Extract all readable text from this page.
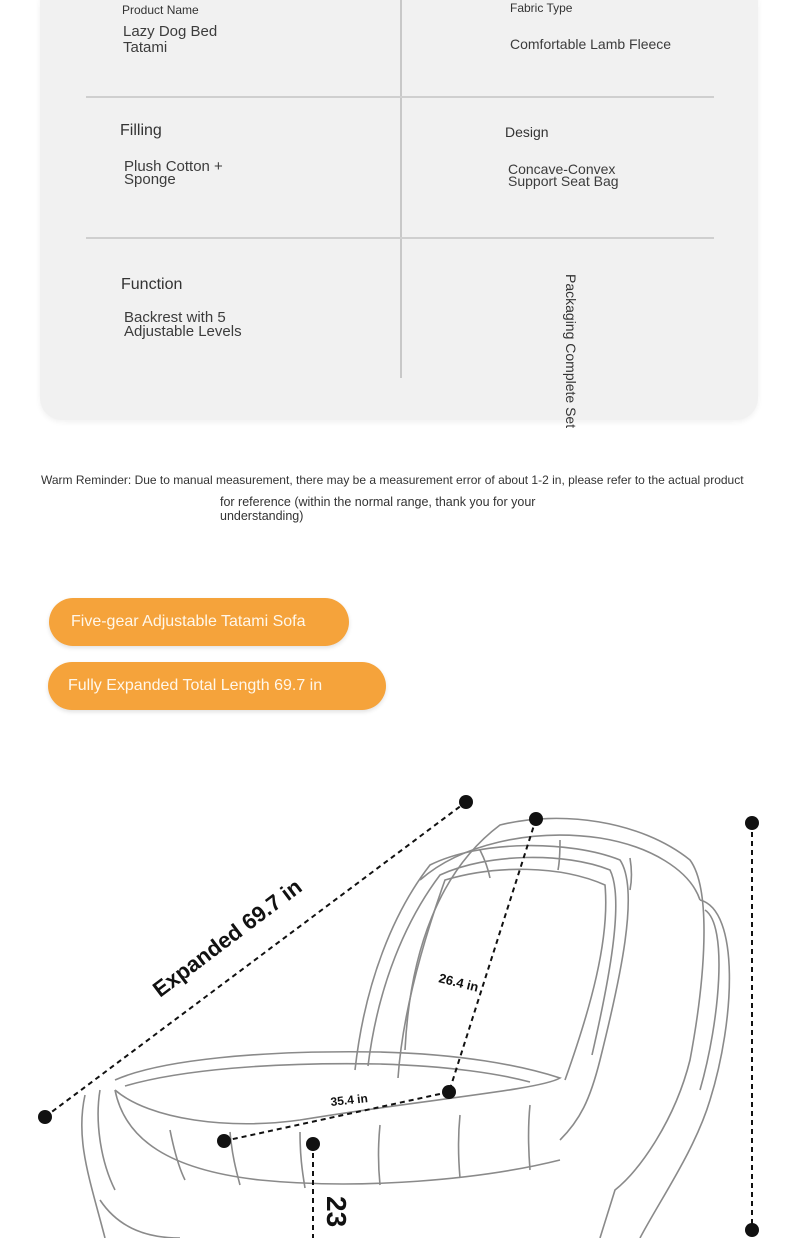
Product Name
Lazy Dog Bed
Tatami
Fabric Type
Comfortable Lamb Fleece
Filling
Plush Cotton +
Sponge
Design
Concave-Convex
Support Seat Bag
Function
Backrest with 5
Adjustable Levels	Packaging Complete Set
Warm Reminder: Due to manual measurement, there may be a measurement error of about 1-2 in, please refer to the actual product
for reference (within the normal range, thank you for your
understanding)
Five-gear Adjustable Tatami Sofa
Fully Expanded Total Length 69.7 in
Expanded 69.7 in	26.4 in
35.4 in
23
